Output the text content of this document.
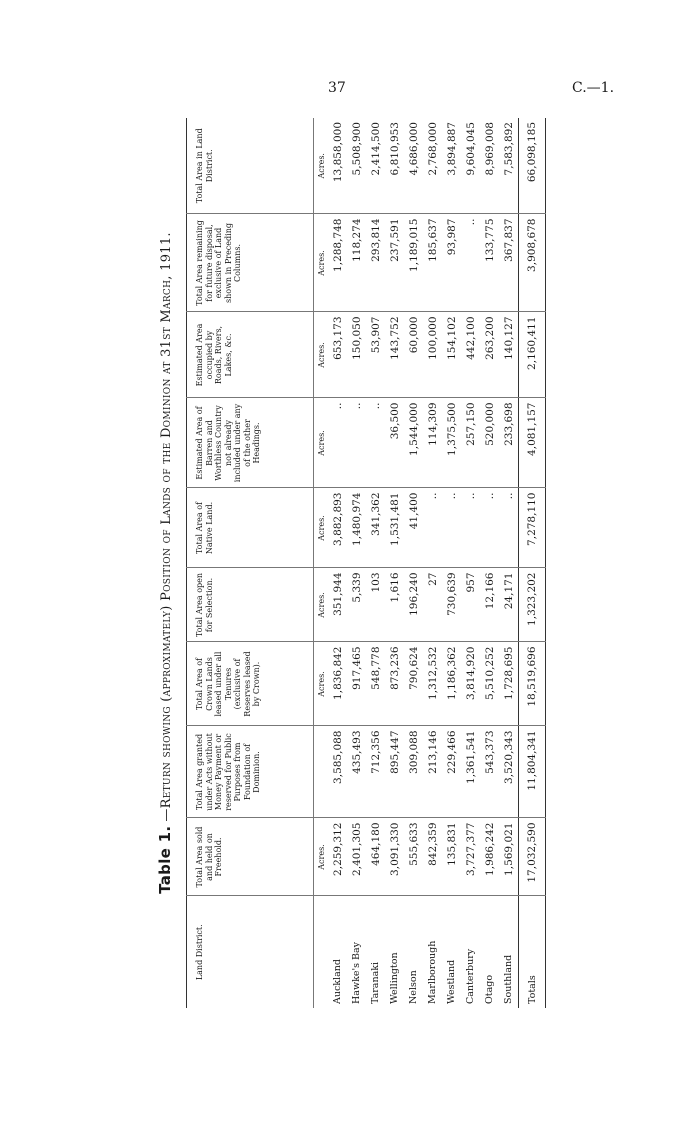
37	C.—1.
Table 1.—Return showing (approximately) Position of Lands of the Dominion at 31st March, 1911.
Land District.	Total Area sold and held on Freehold.	Total Area granted under Acts without Money Payment or reserved for Public Purposes from Foundation of Dominion.	Total Area of Crown Lands leased under all Tenures (exclusive of Reserves leased by Crown).	Total Area open for Selection.	Total Area of Native Land.	Estimated Area of Barren and Worthless Country not already included under any of the other Headings.	Estimated Area occupied by Roads, Rivers, Lakes, &c.	Total Area remaining for future disposal, exclusive of Land shown in Preceding Columns.	Total Area in Land District.
	Acres.		Acres.	Acres.	Acres.	Acres.	Acres.	Acres.	Acres.
Auckland	2,259,312	3,585,088	1,836,842	351,944	3,882,893	..	653,173	1,288,748	13,858,000
Hawke's Bay	2,401,305	435,493	917,465	5,339	1,480,974	..	150,050	118,274	5,508,900
Taranaki	464,180	712,356	548,778	103	341,362	..	53,907	293,814	2,414,500
Wellington	3,091,330	895,447	873,236	1,616	1,531,481	36,500	143,752	237,591	6,810,953
Nelson	555,633	309,088	790,624	196,240	41,400	1,544,000	60,000	1,189,015	4,686,000
Marlborough	842,359	213,146	1,312,532	27	..	114,309	100,000	185,637	2,768,000
Westland	135,831	229,466	1,186,362	730,639	..	1,375,500	154,102	93,987	3,894,887
Canterbury	3,727,377	1,361,541	3,814,920	957	..	257,150	442,100	..	9,604,045
Otago	1,986,242	543,373	5,510,252	12,166	..	520,000	263,200	133,775	8,969,008
Southland	1,569,021	3,520,343	1,728,695	24,171	..	233,698	140,127	367,837	7,583,892
Totals	17,032,590	11,804,341	18,519,696	1,323,202	7,278,110	4,081,157	2,160,411	3,908,678	66,098,185
